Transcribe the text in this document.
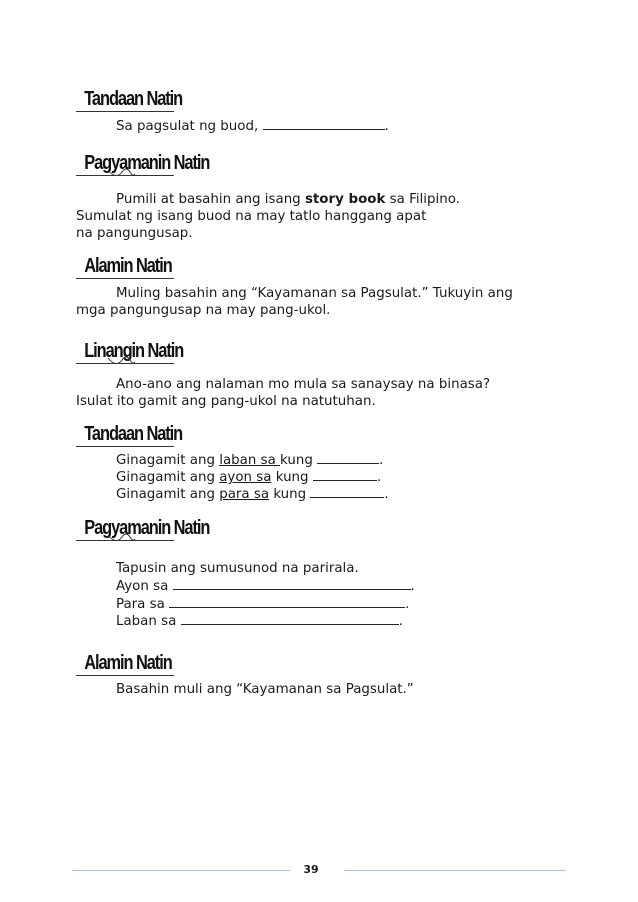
Tandaan Natin
Sa pagsulat ng buod,	.
Pagyamanin Natin
Pumili at basahin ang isang story book sa Filipino.
Sumulat ng isang buod na may tatlo hanggang apat
na pangungusap.
Alamin Natin
Muling basahin ang “Kayamanan sa Pagsulat.” Tukuyin ang
mga pangungusap na may pang-ukol.
Linangin Natin
Ano-ano ang nalaman mo mula sa sanaysay na binasa?
Isulat ito gamit ang pang-ukol na natutuhan.
Tandaan Natin
Ginagamit ang laban sa kung	.
Ginagamit ang ayon sa kung	.
Ginagamit ang para sa kung	.
Pagyamanin Natin
Tapusin ang sumusunod na parirala.
Ayon sa	.
Para sa	.
Laban sa	.
Alamin Natin
Basahin muli ang “Kayamanan sa Pagsulat.”
39
